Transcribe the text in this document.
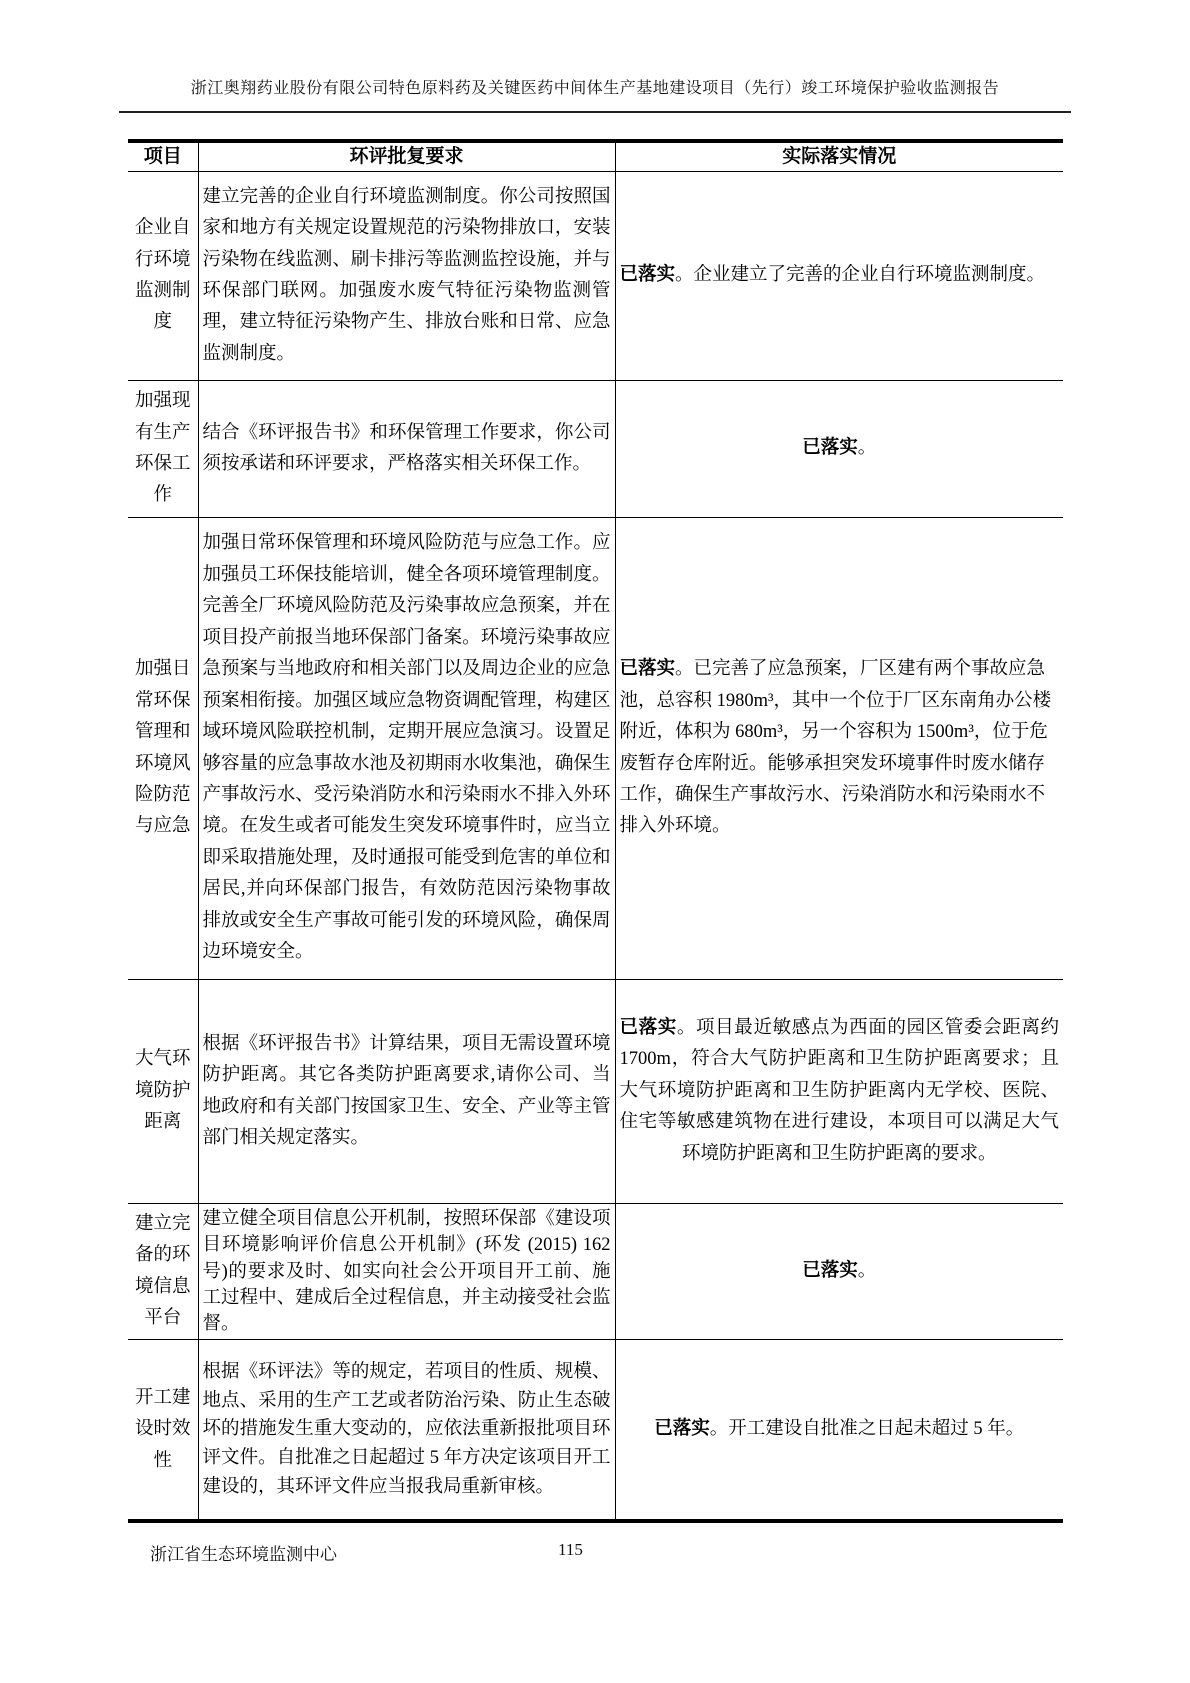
浙江奥翔药业股份有限公司特色原料药及关键医药中间体生产基地建设项目（先行）竣工环境保护验收监测报告
项目	环评批复要求	实际落实情况
企业自行环境监测制度	建立完善的企业自行环境监测制度。你公司按照国家和地方有关规定设置规范的污染物排放口，安装污染物在线监测、刷卡排污等监测监控设施，并与环保部门联网。加强废水废气特征污染物监测管理，建立特征污染物产生、排放台账和日常、应急监测制度。	已落实。企业建立了完善的企业自行环境监测制度。
加强现有生产环保工作	结合《环评报告书》和环保管理工作要求，你公司须按承诺和环评要求，严格落实相关环保工作。	已落实。
加强日常环保管理和环境风险防范与应急	加强日常环保管理和环境风险防范与应急工作。应加强员工环保技能培训，健全各项环境管理制度。完善全厂环境风险防范及污染事故应急预案，并在项目投产前报当地环保部门备案。环境污染事故应急预案与当地政府和相关部门以及周边企业的应急预案相衔接。加强区域应急物资调配管理，构建区域环境风险联控机制，定期开展应急演习。设置足够容量的应急事故水池及初期雨水收集池，确保生产事故污水、受污染消防水和污染雨水不排入外环境。在发生或者可能发生突发环境事件时，应当立即采取措施处理，及时通报可能受到危害的单位和居民,并向环保部门报告，有效防范因污染物事故排放或安全生产事故可能引发的环境风险，确保周边环境安全。	已落实。已完善了应急预案，厂区建有两个事故应急池，总容积 1980m³，其中一个位于厂区东南角办公楼附近，体积为 680m³，另一个容积为 1500m³，位于危废暂存仓库附近。能够承担突发环境事件时废水储存工作，确保生产事故污水、污染消防水和污染雨水不排入外环境。
大气环境防护距离	根据《环评报告书》计算结果，项目无需设置环境防护距离。其它各类防护距离要求,请你公司、当地政府和有关部门按国家卫生、安全、产业等主管部门相关规定落实。	已落实。项目最近敏感点为西面的园区管委会距离约 1700m，符合大气防护距离和卫生防护距离要求；且大气环境防护距离和卫生防护距离内无学校、医院、住宅等敏感建筑物在进行建设，本项目可以满足大气环境防护距离和卫生防护距离的要求。
建立完备的环境信息平台	建立健全项目信息公开机制，按照环保部《建设项目环境影响评价信息公开机制》(环发 (2015) 162 号)的要求及时、如实向社会公开项目开工前、施工过程中、建成后全过程信息，并主动接受社会监督。	已落实。
开工建设时效性	根据《环评法》等的规定，若项目的性质、规模、地点、采用的生产工艺或者防治污染、防止生态破坏的措施发生重大变动的，应依法重新报批项目环评文件。自批准之日起超过 5 年方决定该项目开工建设的，其环评文件应当报我局重新审核。	已落实。开工建设自批准之日起未超过 5 年。
浙江省生态环境监测中心	115
